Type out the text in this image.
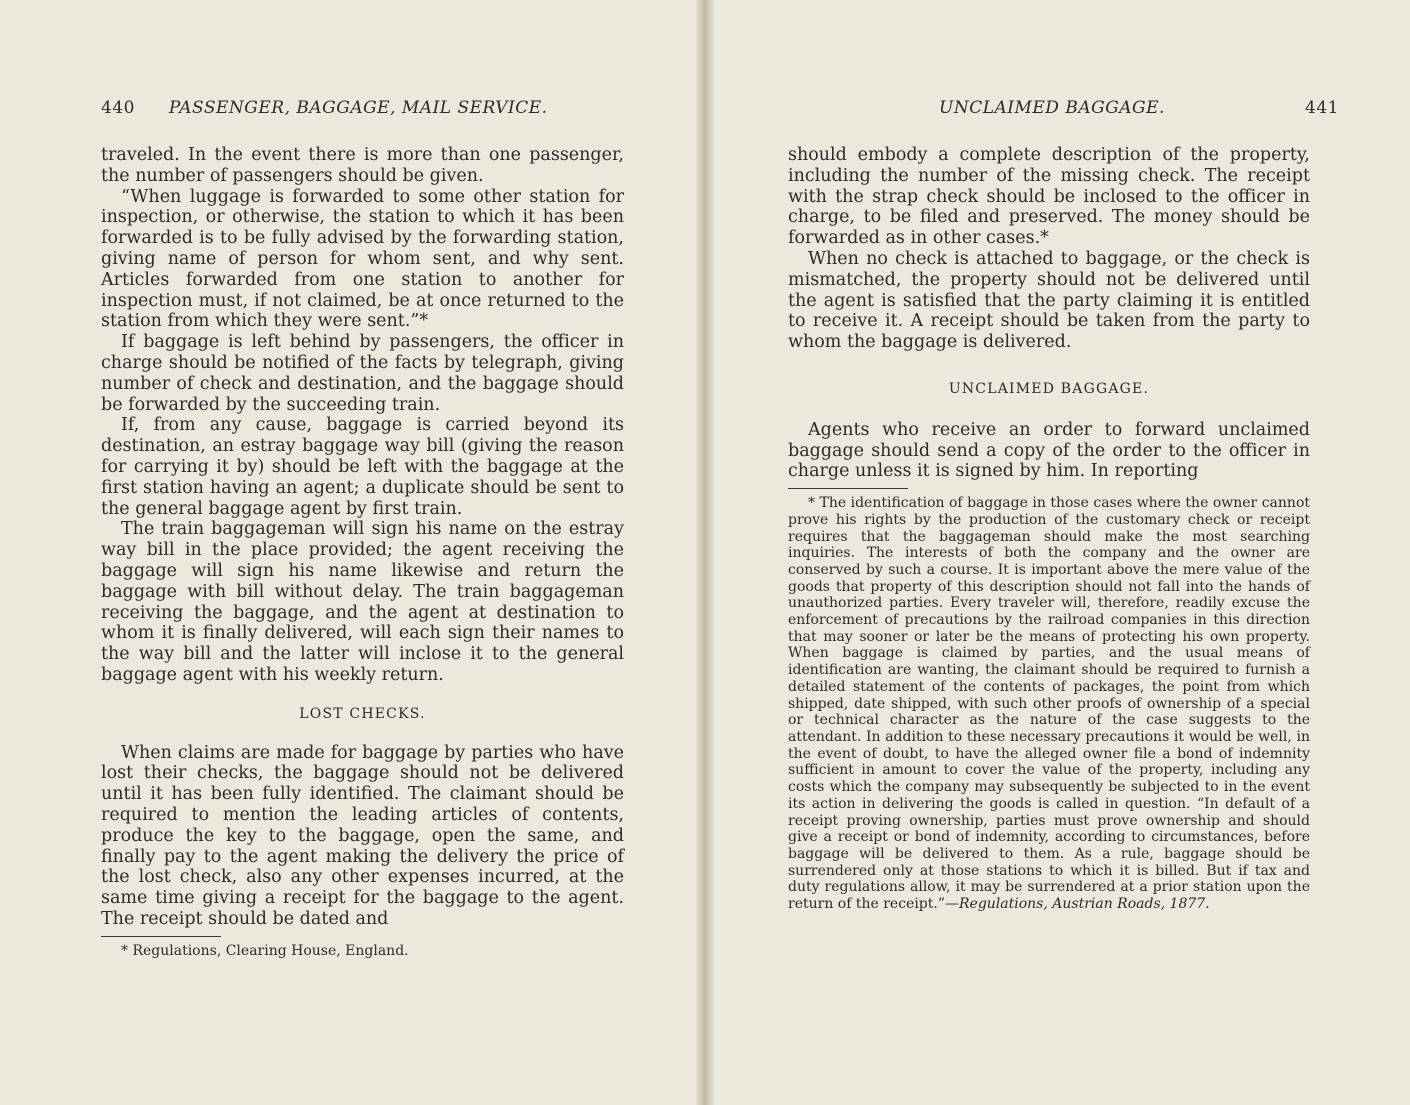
440 PASSENGER, BAGGAGE, MAIL SERVICE.

traveled. In the event there is more than one passenger, the number of passengers should be given.

“When luggage is forwarded to some other station for inspection, or otherwise, the station to which it has been forwarded is to be fully advised by the forwarding station, giving name of person for whom sent, and why sent. Articles forwarded from one station to another for inspection must, if not claimed, be at once returned to the station from which they were sent.”*

If baggage is left behind by passengers, the officer in charge should be notified of the facts by telegraph, giving number of check and destination, and the baggage should be forwarded by the succeeding train.

If, from any cause, baggage is carried beyond its destination, an estray baggage way bill (giving the reason for carrying it by) should be left with the baggage at the first station having an agent; a duplicate should be sent to the general baggage agent by first train.

The train baggageman will sign his name on the estray way bill in the place provided; the agent receiving the baggage will sign his name likewise and return the baggage with bill without delay. The train baggageman receiving the baggage, and the agent at destination to whom it is finally delivered, will each sign their names to the way bill and the latter will inclose it to the general baggage agent with his weekly return.

LOST CHECKS.

When claims are made for baggage by parties who have lost their checks, the baggage should not be delivered until it has been fully identified. The claimant should be required to mention the leading articles of contents, produce the key to the baggage, open the same, and finally pay to the agent making the delivery the price of the lost check, also any other expenses incurred, at the same time giving a receipt for the baggage to the agent. The receipt should be dated and

* Regulations, Clearing House, England.

UNCLAIMED BAGGAGE.	441

should embody a complete description of the property, including the number of the missing check. The receipt with the strap check should be inclosed to the officer in charge, to be filed and preserved. The money should be forwarded as in other cases.*

When no check is attached to baggage, or the check is mismatched, the property should not be delivered until the agent is satisfied that the party claiming it is entitled to receive it. A receipt should be taken from the party to whom the baggage is delivered.

UNCLAIMED BAGGAGE.

Agents who receive an order to forward unclaimed baggage should send a copy of the order to the officer in charge unless it is signed by him. In reporting

* The identification of baggage in those cases where the owner cannot prove his rights by the production of the customary check or receipt requires that the baggageman should make the most searching inquiries. The interests of both the company and the owner are conserved by such a course. It is important above the mere value of the goods that property of this description should not fall into the hands of unauthorized parties. Every traveler will, therefore, readily excuse the enforcement of precautions by the railroad companies in this direction that may sooner or later be the means of protecting his own property. When baggage is claimed by parties, and the usual means of identification are wanting, the claimant should be required to furnish a detailed statement of the contents of packages, the point from which shipped, date shipped, with such other proofs of ownership of a special or technical character as the nature of the case suggests to the attendant. In addition to these necessary precautions it would be well, in the event of doubt, to have the alleged owner file a bond of indemnity sufficient in amount to cover the value of the property, including any costs which the company may subsequently be subjected to in the event its action in delivering the goods is called in question. “In default of a receipt proving ownership, parties must prove ownership and should give a receipt or bond of indemnity, according to circumstances, before baggage will be delivered to them. As a rule, baggage should be surrendered only at those stations to which it is billed. But if tax and duty regulations allow, it may be surrendered at a prior station upon the return of the receipt.”—Regulations, Austrian Roads, 1877.
